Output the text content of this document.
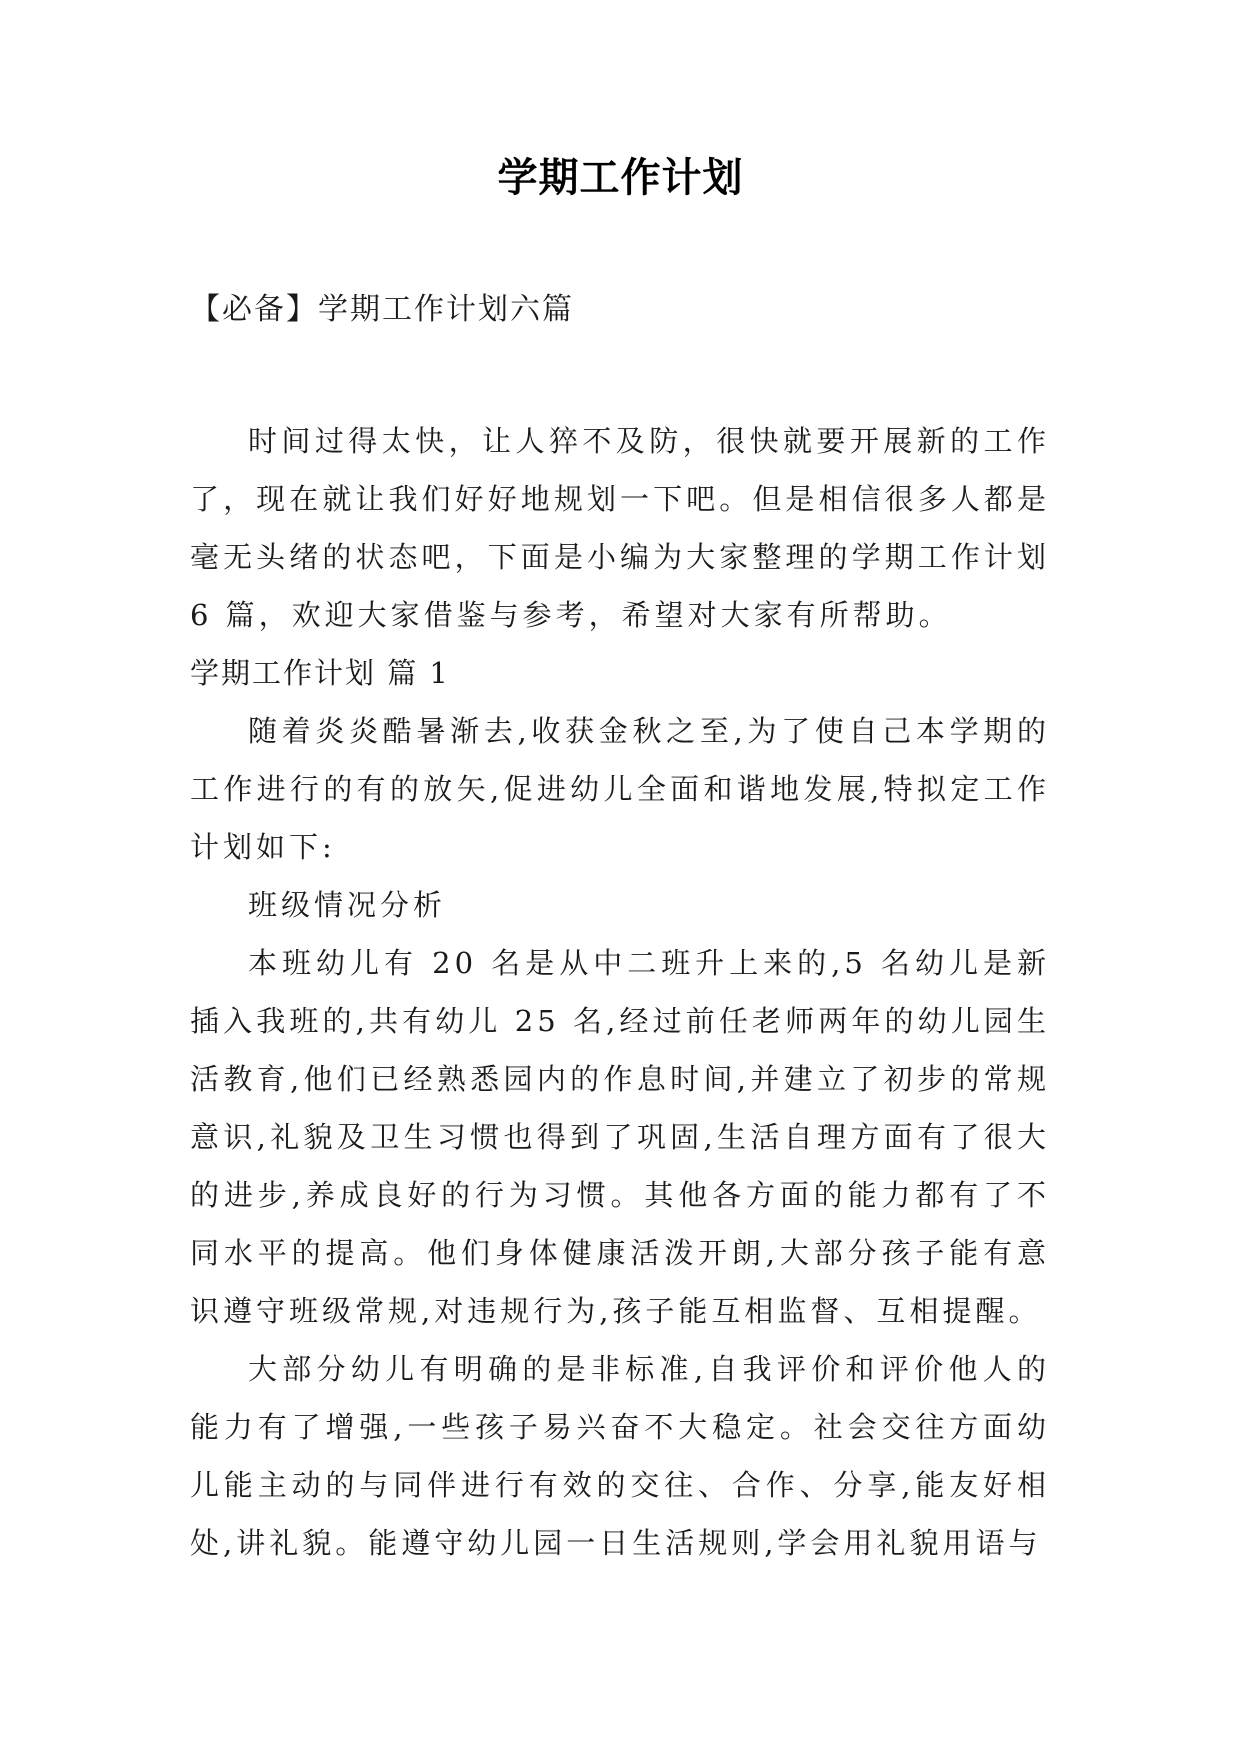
学期工作计划
【必备】学期工作计划六篇

时间过得太快，让人猝不及防，很快就要开展新的工作了，现在就让我们好好地规划一下吧。但是相信很多人都是毫无头绪的状态吧，下面是小编为大家整理的学期工作计划 6 篇，欢迎大家借鉴与参考，希望对大家有所帮助。

学期工作计划 篇 1

随着炎炎酷暑渐去,收获金秋之至,为了使自己本学期的工作进行的有的放矢,促进幼儿全面和谐地发展,特拟定工作计划如下:

班级情况分析

本班幼儿有 20 名是从中二班升上来的,5 名幼儿是新插入我班的,共有幼儿 25 名,经过前任老师两年的幼儿园生活教育,他们已经熟悉园内的作息时间,并建立了初步的常规意识,礼貌及卫生习惯也得到了巩固,生活自理方面有了很大的进步,养成良好的行为习惯。其他各方面的能力都有了不同水平的提高。他们身体健康活泼开朗,大部分孩子能有意识遵守班级常规,对违规行为,孩子能互相监督、互相提醒。

大部分幼儿有明确的是非标准,自我评价和评价他人的能力有了增强,一些孩子易兴奋不大稳定。社会交往方面幼儿能主动的与同伴进行有效的交往、合作、分享,能友好相处,讲礼貌。能遵守幼儿园一日生活规则,学会用礼貌用语与
